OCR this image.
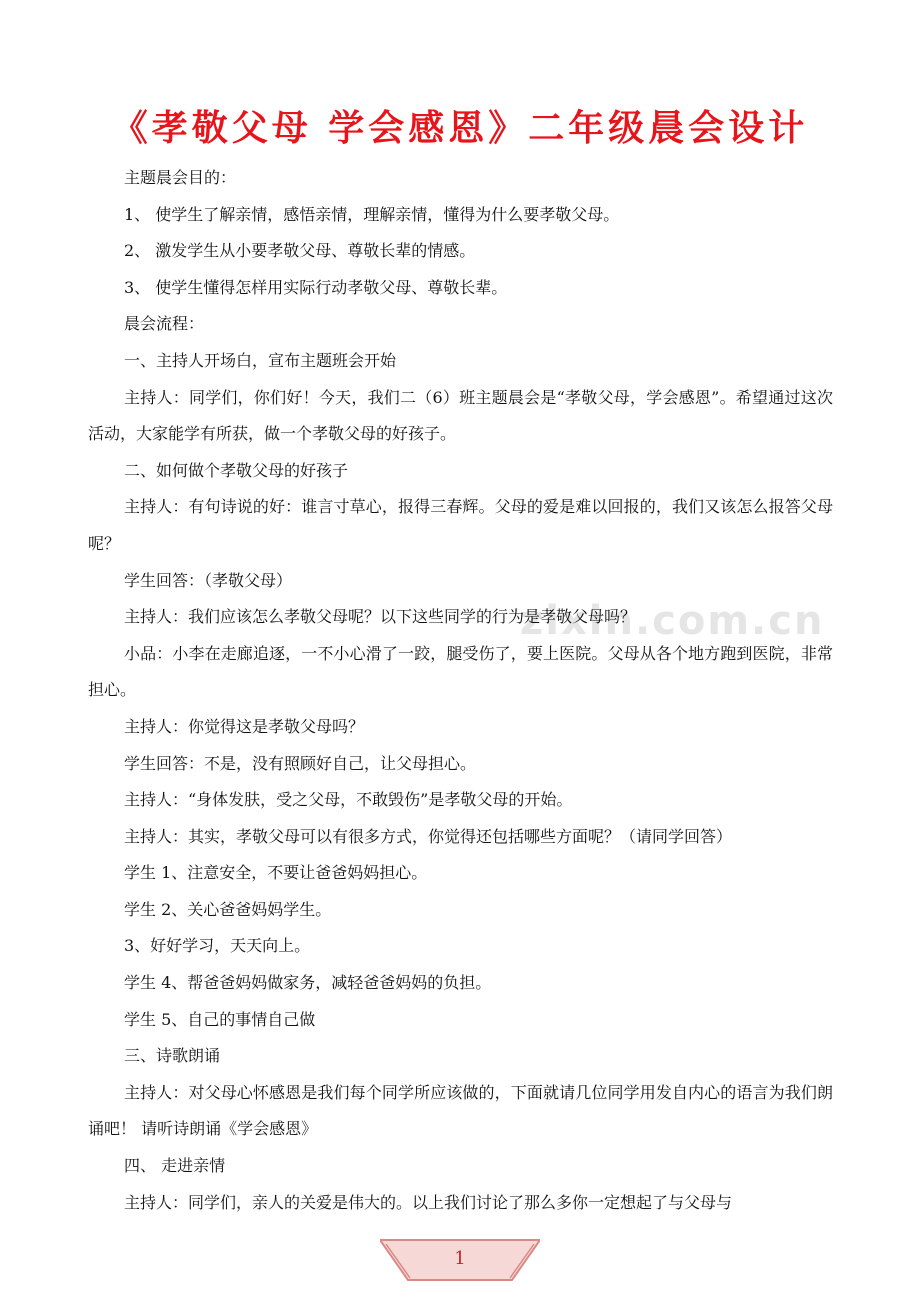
《孝敬父母 学会感恩》二年级晨会设计
zixin.com.cn

主题晨会目的：

1、 使学生了解亲情，感悟亲情，理解亲情，懂得为什么要孝敬父母。

2、 激发学生从小要孝敬父母、尊敬长辈的情感。

3、 使学生懂得怎样用实际行动孝敬父母、尊敬长辈。

晨会流程：

一、主持人开场白，宣布主题班会开始

主持人：同学们，你们好！今天，我们二（6）班主题晨会是“孝敬父母，学会感恩”。希望通过这次活动，大家能学有所获，做一个孝敬父母的好孩子。

二、如何做个孝敬父母的好孩子

主持人：有句诗说的好：谁言寸草心，报得三春辉。父母的爱是难以回报的，我们又该怎么报答父母呢？

学生回答：（孝敬父母）

主持人：我们应该怎么孝敬父母呢？以下这些同学的行为是孝敬父母吗？

小品：小李在走廊追逐，一不小心滑了一跤，腿受伤了，要上医院。父母从各个地方跑到医院，非常担心。

主持人：你觉得这是孝敬父母吗？

学生回答：不是，没有照顾好自己，让父母担心。

主持人：“身体发肤，受之父母，不敢毁伤”是孝敬父母的开始。

主持人：其实，孝敬父母可以有很多方式，你觉得还包括哪些方面呢？（请同学回答）

学生 1、注意安全，不要让爸爸妈妈担心。

学生 2、关心爸爸妈妈学生。

3、好好学习，天天向上。

学生 4、帮爸爸妈妈做家务，减轻爸爸妈妈的负担。

学生 5、自己的事情自己做

三、诗歌朗诵

主持人：对父母心怀感恩是我们每个同学所应该做的，下面就请几位同学用发自内心的语言为我们朗诵吧！ 请听诗朗诵《学会感恩》

四、 走进亲情

主持人：同学们，亲人的关爱是伟大的。以上我们讨论了那么多你一定想起了与父母与

1
